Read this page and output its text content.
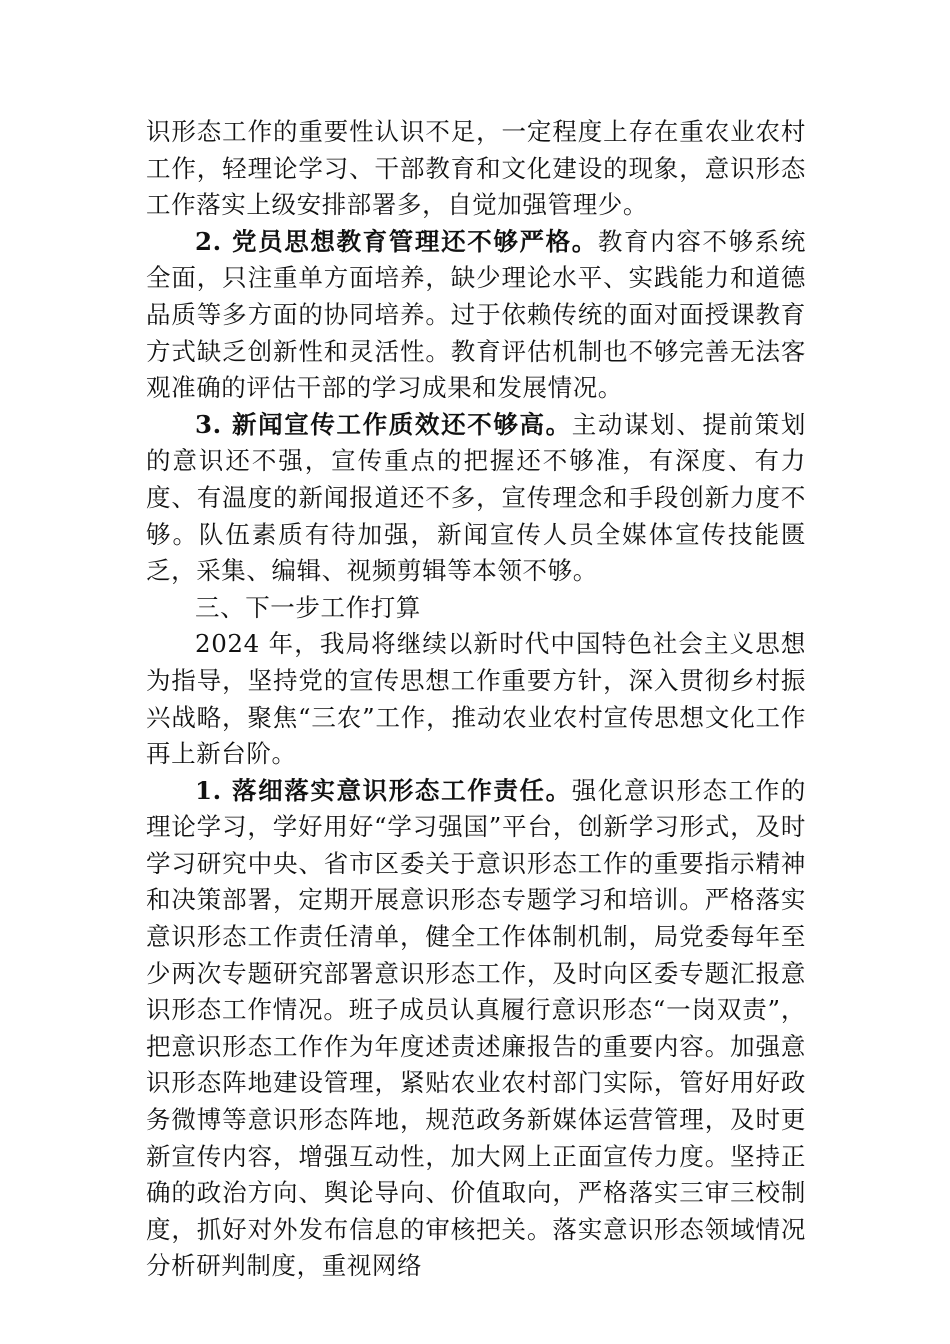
识形态工作的重要性认识不足，一定程度上存在重农业农村工作，轻理论学习、干部教育和文化建设的现象，意识形态工作落实上级安排部署多，自觉加强管理少。

2. 党员思想教育管理还不够严格。教育内容不够系统全面，只注重单方面培养，缺少理论水平、实践能力和道德品质等多方面的协同培养。过于依赖传统的面对面授课教育方式缺乏创新性和灵活性。教育评估机制也不够完善无法客观准确的评估干部的学习成果和发展情况。

3. 新闻宣传工作质效还不够高。主动谋划、提前策划的意识还不强，宣传重点的把握还不够准，有深度、有力度、有温度的新闻报道还不多，宣传理念和手段创新力度不够。队伍素质有待加强，新闻宣传人员全媒体宣传技能匮乏，采集、编辑、视频剪辑等本领不够。

三、下一步工作打算

2024 年，我局将继续以新时代中国特色社会主义思想为指导，坚持党的宣传思想工作重要方针，深入贯彻乡村振兴战略，聚焦“三农”工作，推动农业农村宣传思想文化工作再上新台阶。

1. 落细落实意识形态工作责任。强化意识形态工作的理论学习，学好用好“学习强国”平台，创新学习形式，及时学习研究中央、省市区委关于意识形态工作的重要指示精神和决策部署，定期开展意识形态专题学习和培训。严格落实意识形态工作责任清单，健全工作体制机制，局党委每年至少两次专题研究部署意识形态工作，及时向区委专题汇报意识形态工作情况。班子成员认真履行意识形态“一岗双责”，把意识形态工作作为年度述责述廉报告的重要内容。加强意识形态阵地建设管理，紧贴农业农村部门实际，管好用好政务微博等意识形态阵地，规范政务新媒体运营管理，及时更新宣传内容，增强互动性，加大网上正面宣传力度。坚持正确的政治方向、舆论导向、价值取向，严格落实三审三校制度，抓好对外发布信息的审核把关。落实意识形态领域情况分析研判制度，重视网络
